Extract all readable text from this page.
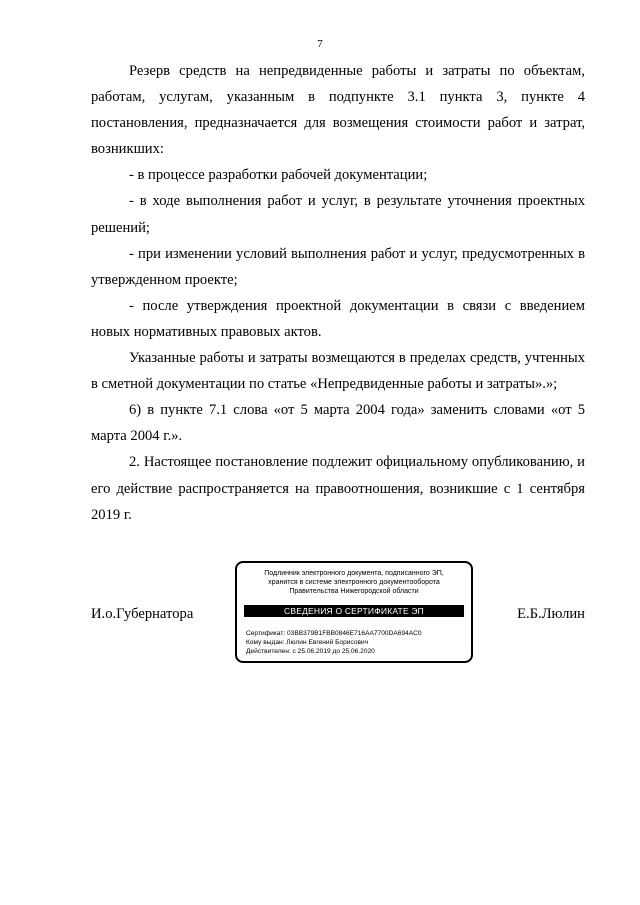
7

Резерв средств на непредвиденные работы и затраты по объектам, работам, услугам, указанным в подпункте 3.1 пункта 3, пункте 4 постановления, предназначается для возмещения стоимости работ и затрат, возникших:

- в процессе разработки рабочей документации;

- в ходе выполнения работ и услуг, в результате уточнения проектных решений;

- при изменении условий выполнения работ и услуг, предусмотренных в утвержденном проекте;

- после утверждения проектной документации в связи с введением новых нормативных правовых актов.

Указанные работы и затраты возмещаются в пределах средств, учтенных в сметной документации по статье «Непредвиденные работы и затраты».»;

6) в пункте 7.1 слова «от 5 марта 2004 года» заменить словами «от 5 марта 2004 г.».

2. Настоящее постановление подлежит официальному опубликованию, и его действие распространяется на правоотношения, возникшие с 1 сентября 2019 г.

И.о.Губернатора
Подлинник электронного документа, подписанного ЭП,
хранится в системе электронного документооборота
Правительства Нижегородской области
СВЕДЕНИЯ О СЕРТИФИКАТЕ ЭП
Сертификат: 03BB379B1FBB0846E716AA7700DA694AC0
Кому выдан: Люлин Евгений Борисович
Действителен: с 25.06.2019 до 25.06.2020
Е.Б.Люлин
